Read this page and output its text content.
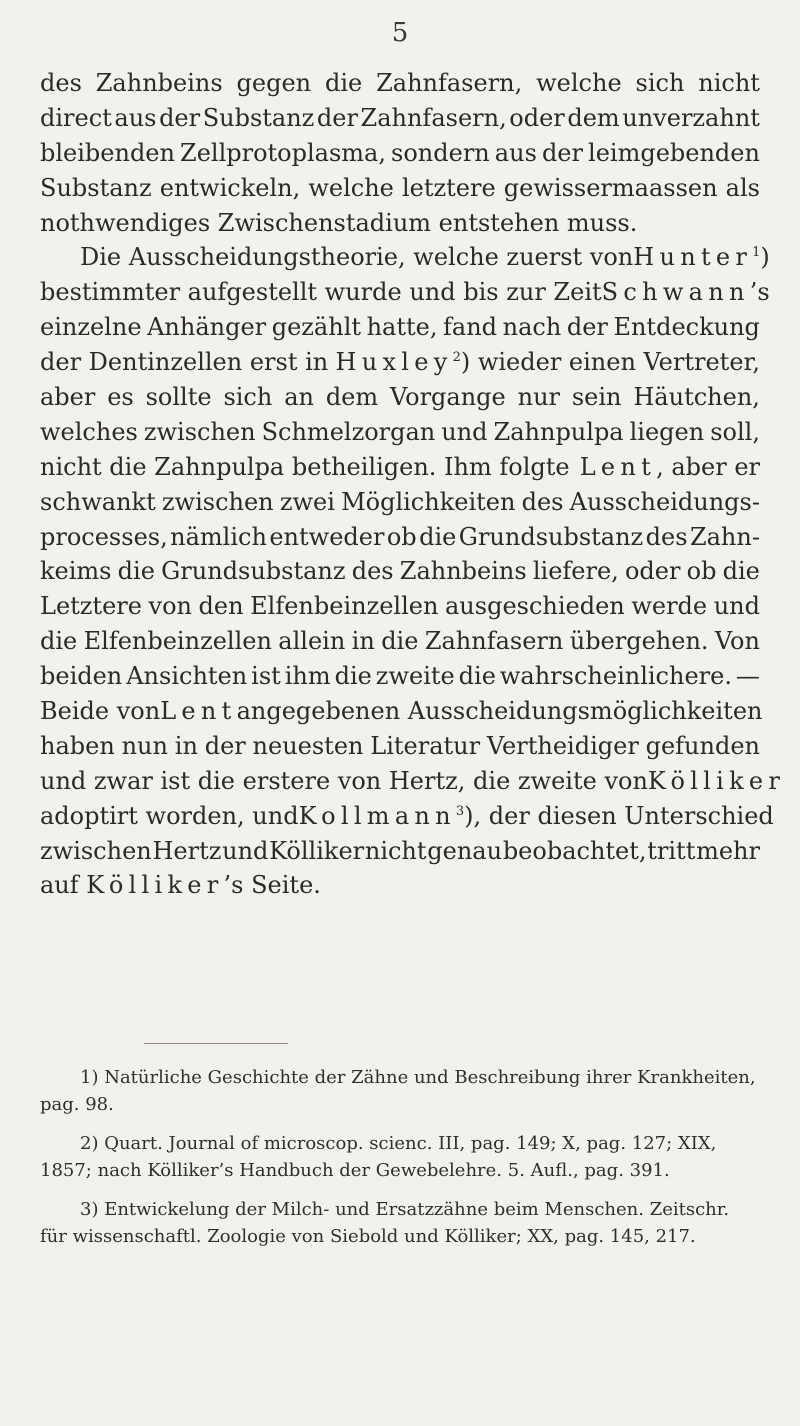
5
des Zahnbeins gegen die Zahnfasern, welche sich nicht
direct aus der Substanz der Zahnfasern, oder dem unverzahnt
bleibenden Zellprotoplasma, sondern aus der leimgebenden
Substanz entwickeln, welche letztere gewissermaassen als
nothwendiges Zwischenstadium entstehen muss.
Die Ausscheidungstheorie, welche zuerst von Hunter$^1$)
bestimmter aufgestellt wurde und bis zur Zeit Schwann’s
einzelne Anhänger gezählt hatte, fand nach der Entdeckung
der Dentinzellen erst in Huxley$^2$) wieder einen Vertreter,
aber es sollte sich an dem Vorgange nur sein Häutchen,
welches zwischen Schmelzorgan und Zahnpulpa liegen soll,
nicht die Zahnpulpa betheiligen. Ihm folgte Lent, aber er
schwankt zwischen zwei Möglichkeiten des Ausscheidungs-
processes, nämlich entweder ob die Grundsubstanz des Zahn-
keims die Grundsubstanz des Zahnbeins liefere, oder ob die
Letztere von den Elfenbeinzellen ausgeschieden werde und
die Elfenbeinzellen allein in die Zahnfasern übergehen. Von
beiden Ansichten ist ihm die zweite die wahrscheinlichere. —
Beide von Lent angegebenen Ausscheidungsmöglichkeiten
haben nun in der neuesten Literatur Vertheidiger gefunden
und zwar ist die erstere von Hertz, die zweite von Kölliker
adoptirt worden, und Kollmann$^3$), der diesen Unterschied
zwischen Hertz und Kölliker nicht genau beobachtet, tritt mehr
auf
Kölliker ’s Seite.
1) Natürliche Geschichte der Zähne und Beschreibung ihrer Krankheiten,
pag. 98.
2) Quart. Journal of microscop. scienc. III, pag. 149; X, pag. 127; XIX,
1857; nach Kölliker’s Handbuch der Gewebelehre. 5. Aufl., pag. 391.
3) Entwickelung der Milch- und Ersatzzähne beim Menschen. Zeitschr.
für wissenschaftl. Zoologie von Siebold und Kölliker; XX, pag. 145, 217.
